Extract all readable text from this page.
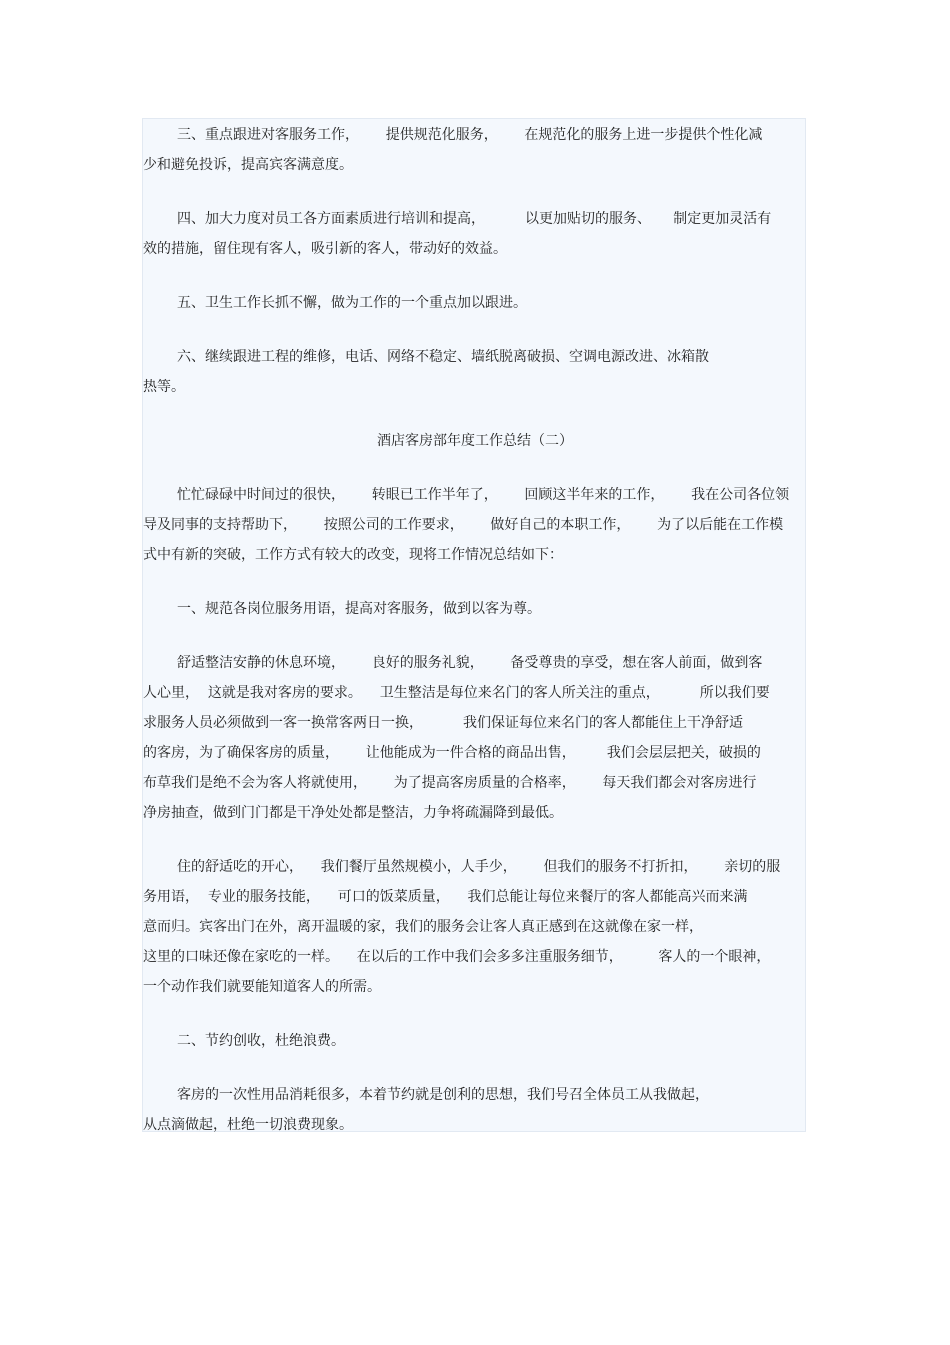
三、重点跟进对客服务工作，      提供规范化服务，      在规范化的服务上进一步提供个性化减
少和避免投诉，提高宾客满意度。
四、加大力度对员工各方面素质进行培训和提高，         以更加贴切的服务、     制定更加灵活有
效的措施，留住现有客人，吸引新的客人，带动好的效益。
五、卫生工作长抓不懈，做为工作的一个重点加以跟进。
六、继续跟进工程的维修，电话、网络不稳定、墙纸脱离破损、空调电源改进、冰箱散
热等。
酒店客房部年度工作总结（二）
忙忙碌碌中时间过的很快，      转眼已工作半年了，      回顾这半年来的工作，      我在公司各位领
导及同事的支持帮助下，      按照公司的工作要求，      做好自己的本职工作，      为了以后能在工作模
式中有新的突破，工作方式有较大的改变，现将工作情况总结如下：
一、规范各岗位服务用语，提高对客服务，做到以客为尊。
舒适整洁安静的休息环境，      良好的服务礼貌，      备受尊贵的享受，想在客人前面，做到客
人心里，  这就是我对客房的要求。    卫生整洁是每位来名门的客人所关注的重点，         所以我们要
求服务人员必须做到一客一换常客两日一换，         我们保证每位来名门的客人都能住上干净舒适
的客房，为了确保客房的质量，      让他能成为一件合格的商品出售，       我们会层层把关，破损的
布草我们是绝不会为客人将就使用，      为了提高客房质量的合格率，      每天我们都会对客房进行
净房抽查，做到门门都是干净处处都是整洁，力争将疏漏降到最低。
住的舒适吃的开心，    我们餐厅虽然规模小，人手少，      但我们的服务不打折扣，      亲切的服
务用语，  专业的服务技能，    可口的饭菜质量，    我们总能让每位来餐厅的客人都能高兴而来满
意而归。宾客出门在外，离开温暖的家，我们的服务会让客人真正感到在这就像在家一样，
这里的口味还像在家吃的一样。    在以后的工作中我们会多多注重服务细节，        客人的一个眼神，
一个动作我们就要能知道客人的所需。
二、节约创收，杜绝浪费。
客房的一次性用品消耗很多，本着节约就是创利的思想，我们号召全体员工从我做起，
从点滴做起，杜绝一切浪费现象。
